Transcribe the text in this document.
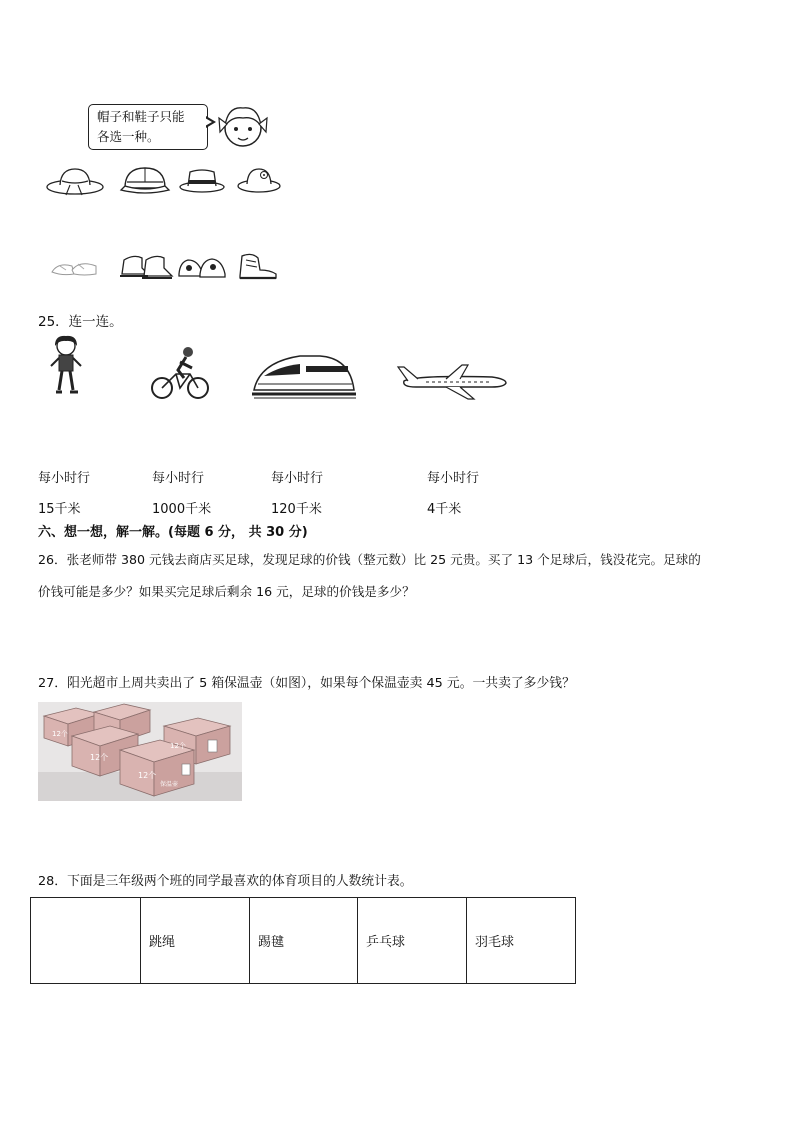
帽子和鞋子只能
各选一种。
25．连一连。
每小时行
15千米
每小时行
1000千米
每小时行
120千米
每小时行
4千米
六、想一想，解一解。(每题 6 分， 共 30 分)
26．张老师带 380 元钱去商店买足球，发现足球的价钱（整元数）比 25 元贵。买了 13 个足球后，钱没花完。足球的
价钱可能是多少？如果买完足球后剩余 16 元，足球的价钱是多少？
27．阳光超市上周共卖出了 5 箱保温壶（如图），如果每个保温壶卖 45 元。一共卖了多少钱？
12个
12个
12个
12个
保温壶
28．下面是三年级两个班的同学最喜欢的体育项目的人数统计表。
	跳绳	踢毽	乒乓球	羽毛球
